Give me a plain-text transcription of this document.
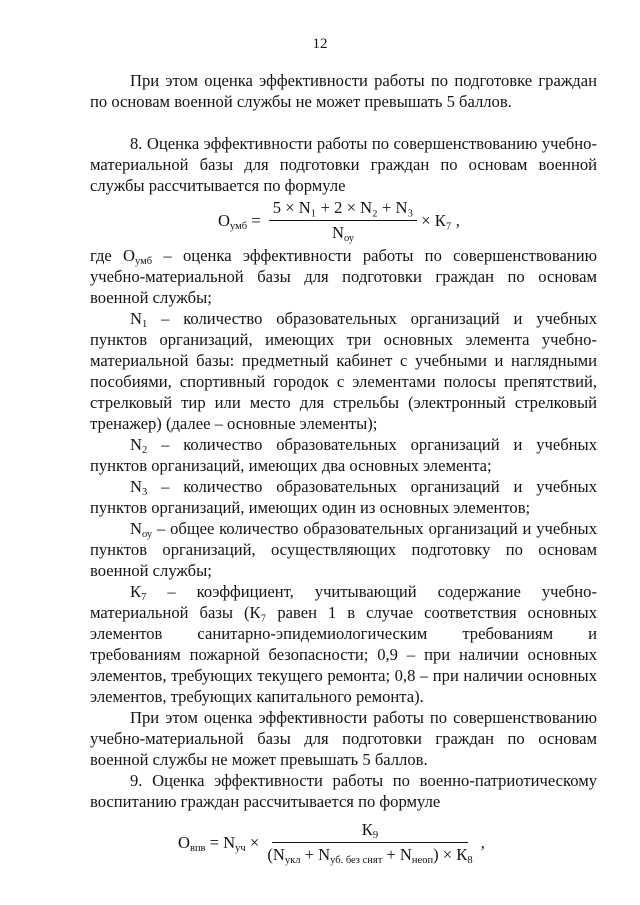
12

При этом оценка эффективности работы по подготовке граждан по основам военной службы не может превышать 5 баллов.

8. Оценка эффективности работы по совершенствованию учебно-материальной базы для подготовки граждан по основам военной службы рассчитывается по формуле

$О_{умб} = \frac{\text{5 × N₁ + 2 × N₂ + N₃}}{N_{оу}} \times К_7$ ,

где $О_{умб}$ – оценка эффективности работы по совершенствованию учебно-материальной базы для подготовки граждан по основам военной службы;

$N_1$ – количество образовательных организаций и учебных пунктов организаций, имеющих три основных элемента учебно-материальной базы: предметный кабинет с учебными и наглядными пособиями, спортивный городок с элементами полосы препятствий, стрелковый тир или место для стрельбы (электронный стрелковый тренажер) (далее – основные элементы);

$N_2$ – количество образовательных организаций и учебных пунктов организаций, имеющих два основных элемента;

$N_3$ – количество образовательных организаций и учебных пунктов организаций, имеющих один из основных элементов;

$N_{оу}$ – общее количество образовательных организаций и учебных пунктов организаций, осуществляющих подготовку по основам военной службы;

$К_7$ – коэффициент, учитывающий содержание учебно-материальной базы (К₇ равен 1 в случае соответствия основных элементов санитарно-эпидемиологическим требованиям и требованиям пожарной безопасности; 0,9 – при наличии основных элементов, требующих текущего ремонта; 0,8 – при наличии основных элементов, требующих капитального ремонта).

При этом оценка эффективности работы по совершенствованию учебно-материальной базы для подготовки граждан по основам военной службы не может превышать 5 баллов.

9. Оценка эффективности работы по военно-патриотическому воспитанию граждан рассчитывается по формуле

$О_{впв} = N_{уч} \times \frac{К_9}{(N_{укл} + N_{уб. без снят} + N_{неоп}) \times К_8}$ ,
